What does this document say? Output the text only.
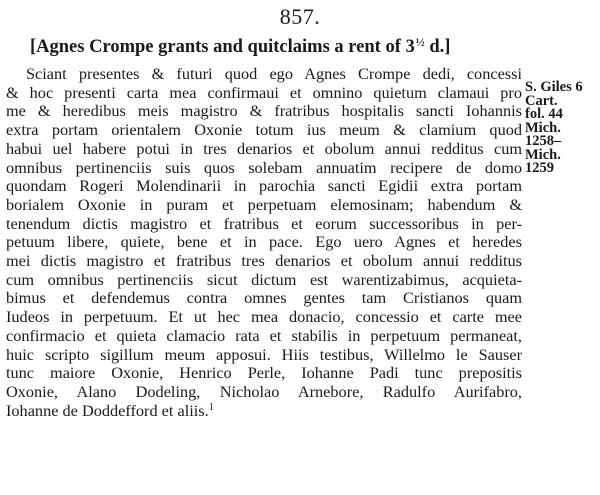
857.
[Agnes Crompe grants and quitclaims a rent of $3^{\frac{1}{2}}$ d.]
Sciant presentes & futuri quod ego Agnes Crompe dedi, concessi
& hoc presenti carta mea confirmaui et omnino quietum clamaui pro
me & heredibus meis magistro & fratribus hospitalis sancti Iohannis
extra portam orientalem Oxonie totum ius meum & clamium quod
habui uel habere potui in tres denarios et obolum annui redditus cum
omnibus pertinenciis suis quos solebam annuatim recipere de domo
quondam Rogeri Molendinarii in parochia sancti Egidii extra portam
borialem Oxonie in puram et perpetuam elemosinam; habendum &
tenendum dictis magistro et fratribus et eorum successoribus in per-
petuum libere, quiete, bene et in pace. Ego uero Agnes et heredes
mei dictis magistro et fratribus tres denarios et obolum annui redditus
cum omnibus pertinenciis sicut dictum est warentizabimus, acquieta-
bimus et defendemus contra omnes gentes tam Cristianos quam
Iudeos in perpetuum. Et ut hec mea donacio, concessio et carte mee
confirmacio et quieta clamacio rata et stabilis in perpetuum permaneat,
huic scripto sigillum meum apposui. Hiis testibus, Willelmo le Sauser
tunc maiore Oxonie, Henrico Perle, Iohanne Padi tunc prepositis
Oxonie, Alano Dodeling, Nicholao Arnebore, Radulfo Aurifabro,
Iohanne de Doddefford et aliis.$^1$
S. Giles 6
Cart.
fol. 44
Mich.
1258–
Mich.
1259
